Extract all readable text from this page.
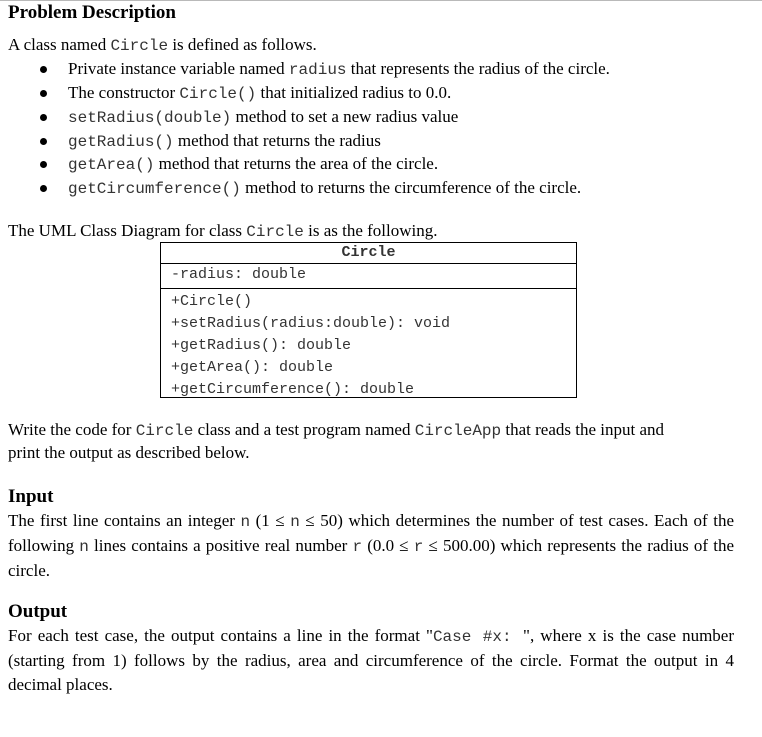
Problem Description
A class named Circle is defined as follows.
Private instance variable named radius that represents the radius of the circle.
The constructor Circle() that initialized radius to 0.0.
setRadius(double) method to set a new radius value
getRadius() method that returns the radius
getArea() method that returns the area of the circle.
getCircumference() method to returns the circumference of the circle.
The UML Class Diagram for class Circle is as the following.
Circle
-radius: double
+Circle()
+setRadius(radius:double): void
+getRadius(): double
+getArea(): double
+getCircumference(): double
Write the code for Circle class and a test program named CircleApp that reads the input and
print the output as described below.
Input
The first line contains an integer n (1 ≤ n ≤ 50) which determines the number of test cases. Each of the following n lines contains a positive real number r (0.0 ≤ r ≤ 500.00) which represents the radius of the circle.
Output
For each test case, the output contains a line in the format "Case #x: ", where x is the case number (starting from 1) follows by the radius, area and circumference of the circle. Format the output in 4 decimal places.
